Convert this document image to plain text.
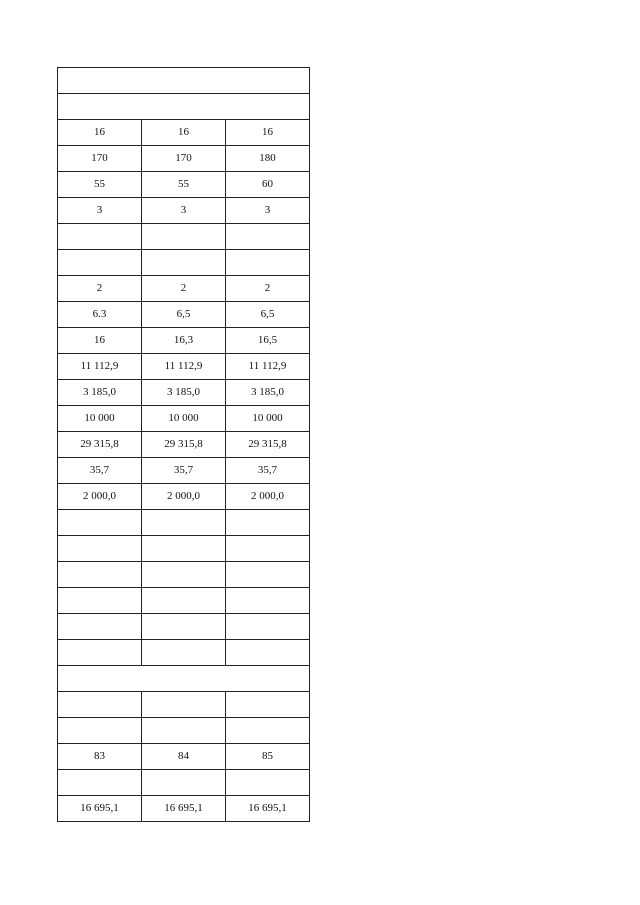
16	16	16
170	170	180
55	55	60
3	3	3

2	2	2
6.3	6,5	6,5
16	16,3	16,5
11 112,9	11 112,9	11 112,9
3 185,0	3 185,0	3 185,0
10 000	10 000	10 000
29 315,8	29 315,8	29 315,8
35,7	35,7	35,7
2 000,0	2 000,0	2 000,0

83	84	85

16 695,1	16 695,1	16 695,1
